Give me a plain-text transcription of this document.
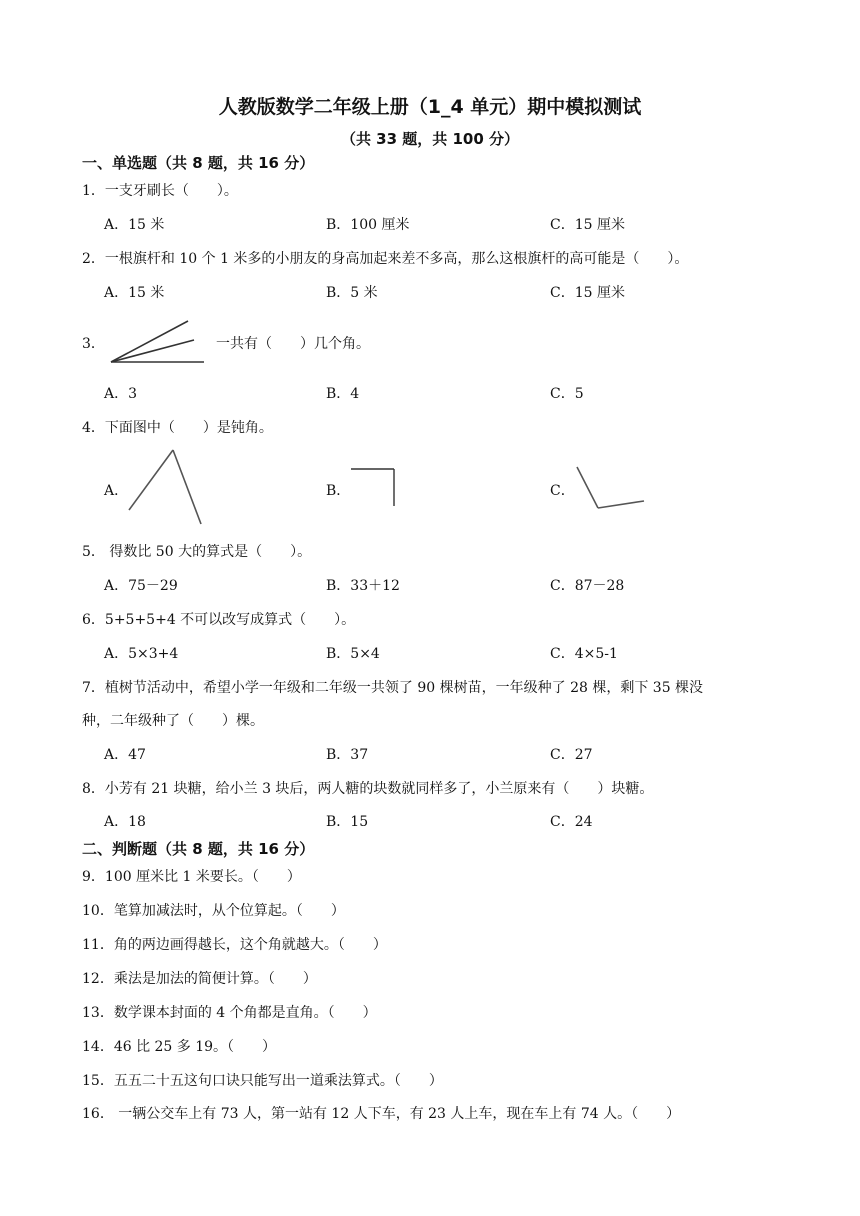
人教版数学二年级上册（1_4 单元）期中模拟测试
（共 33 题，共 100 分）
一、单选题（共 8 题，共 16 分）
1．一支牙刷长（　　）。
A．15 米	B．100 厘米	C．15 厘米
2．一根旗杆和 10 个 1 米多的小朋友的身高加起来差不多高，那么这根旗杆的高可能是（　　）。
A．15 米	B．5 米	C．15 厘米
3．	一共有（　　）几个角。
A．3	B．4	C．5
4．下面图中（　　）是钝角。
A．	B．	C．
5． 得数比 50 大的算式是（　　）。
A．75－29	B．33＋12	C．87－28
6．5+5+5+4 不可以改写成算式（　　）。
A．5×3+4	B．5×4	C．4×5-1
7．植树节活动中，希望小学一年级和二年级一共领了 90 棵树苗，一年级种了 28 棵，剩下 35 棵没
种，二年级种了（　　）棵。
A．47	B．37	C．27
8．小芳有 21 块糖，给小兰 3 块后，两人糖的块数就同样多了，小兰原来有（　　）块糖。
A．18	B．15	C．24
二、判断题（共 8 题，共 16 分）
9．100 厘米比 1 米要长。（　　）
10．笔算加减法时，从个位算起。（　　）
11．角的两边画得越长，这个角就越大。（　　）
12．乘法是加法的简便计算。（　　）
13．数学课本封面的 4 个角都是直角。（　　）
14．46 比 25 多 19。（　　）
15．五五二十五这句口诀只能写出一道乘法算式。（　　）
16． 一辆公交车上有 73 人，第一站有 12 人下车，有 23 人上车，现在车上有 74 人。（　　）
